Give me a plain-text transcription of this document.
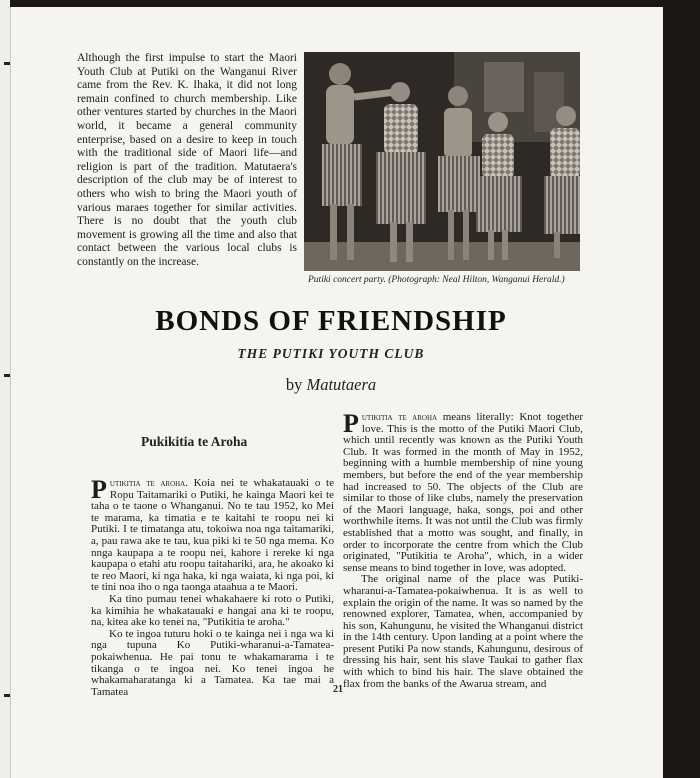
Although the first impulse to start the Maori Youth Club at Putiki on the Wanganui River came from the Rev. K. Ihaka, it did not long remain confined to church membership. Like other ventures started by churches in the Maori world, it became a general community enterprise, based on a desire to keep in touch with the traditional side of Maori life—and religion is part of the tradition. Matutaera's description of the club may be of interest to others who wish to bring the Maori youth of various maraes together for similar activities. There is no doubt that the youth club movement is growing all the time and also that contact between the various local clubs is constantly on the increase.

Putiki concert party. (Photograph: Neal Hilton, Wanganui Herald.)

BONDS OF FRIENDSHIP
THE PUTIKI YOUTH CLUB

by Matutaera

Pukikitia te Aroha

Putikitia te aroha. Koia nei te whakatauaki o te Ropu Taitamariki o Putiki, he kainga Maori kei te taha o te taone o Whanganui. No te tau 1952, ko Mei te marama, ka timatia e te kaitahi te roopu nei ki Putiki. I te timatanga atu, tokoiwa noa nga taitamariki, a, pau rawa ake te tau, kua piki ki te 50 nga mema. Ko nnga kaupapa a te roopu nei, kahore i rereke ki nga kaupapa o etahi atu roopu taitahariki, ara, he akoako ki te reo Maori, ki nga haka, ki nga waiata, ki nga poi, ki te tini noa iho o nga taonga ataahua a te Maori.

Ka tino pumau tenei whakahaere ki roto o Putiki, ka kimihia he whakatauaki e hangai ana ki te roopu, na, kitea ake ko tenei na, "Putikitia te aroha."

Ko te ingoa tuturu hoki o te kainga nei i nga wa ki nga tupuna Ko Putiki-wharanui-a-Tamatea-pokaiwhenua. He pai tonu te whakamarama i te tikanga o te ingoa nei. Ko tenei ingoa he whakamaharatanga ki a Tamatea. Ka tae mai a Tamatea

Putikitia te aroha means literally: Knot together love. This is the motto of the Putiki Maori Club, which until recently was known as the Putiki Youth Club. It was formed in the month of May in 1952, beginning with a humble membership of nine young members, but before the end of the year membership had increased to 50. The objects of the Club are similar to those of like clubs, namely the preservation of the Maori language, haka, songs, poi and other worthwhile items. It was not until the Club was firmly established that a motto was sought, and finally, in order to incorporate the centre from which the Club originated, "Putikitia te Aroha", which, in a wider sense means to bind together in love, was adopted.

The original name of the place was Putiki-wharanui-a-Tamatea-pokaiwhenua. It is as well to explain the origin of the name. It was so named by the renowned explorer, Tamatea, when, accompanied by his son, Kahungunu, he visited the Whanganui district in the 14th century. Upon landing at a point where the present Putiki Pa now stands, Kahungunu, desirous of dressing his hair, sent his slave Taukai to gather flax with which to bind his hair. The slave obtained the flax from the banks of the Awarua stream, and

21
